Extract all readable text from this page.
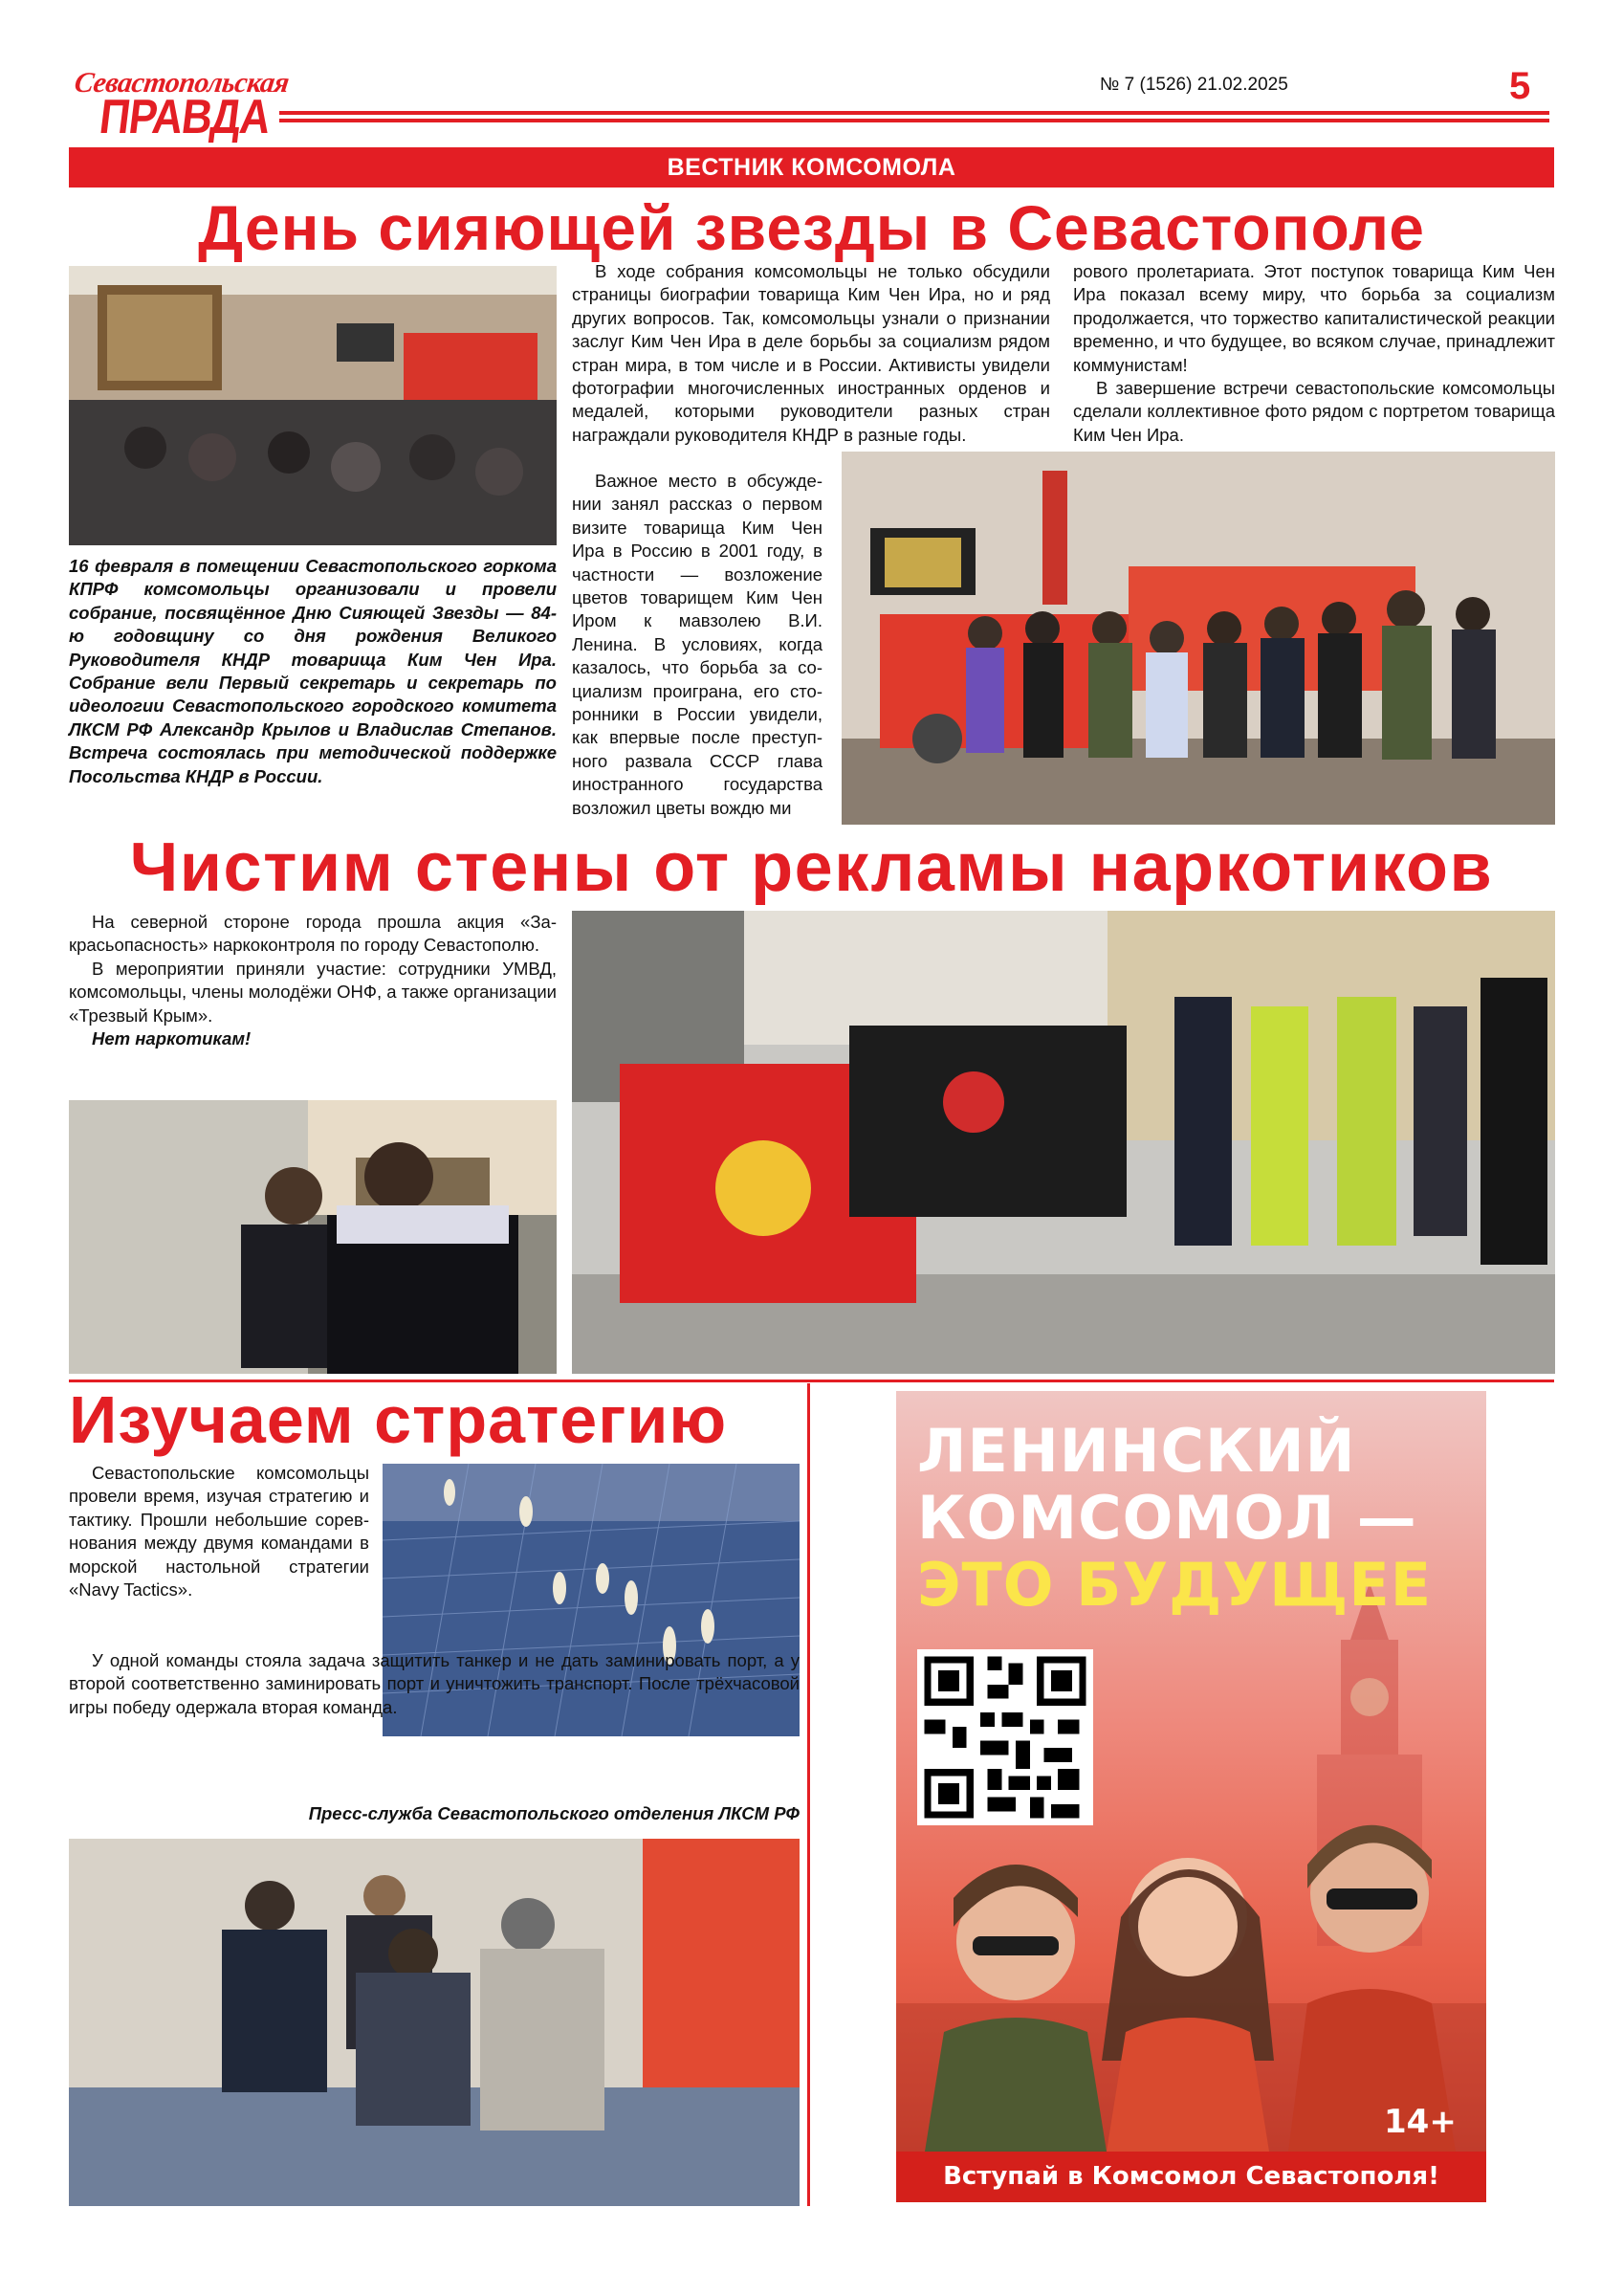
Севастопольская
ПРАВДА
№ 7 (1526) 21.02.2025	5
ВЕСТНИК КОМСОМОЛА
День сияющей звезды в Севастополе
16 февраля в помещении Севастопольского горкома КПРФ комсомольцы организовали и провели собрание, посвящённое Дню Сияющей Звезды — 84-ю годовщину со дня рождения Великого Руководителя КНДР товарища Ким Чен Ира. Собрание вели Первый секретарь и секретарь по идеологии Севастопольского городского комитета ЛКСМ РФ Александр Крылов и Владислав Степанов. Встреча состоялась при методической поддержке Посольства КНДР в России.

В ходе собрания комсомольцы не только обсудили страницы биографии товарища Ким Чен Ира, но и ряд других вопросов. Так, комсомольцы узнали о признании заслуг Ким Чен Ира в деле борьбы за социализм рядом стран мира, в том числе и в России. Активисты увидели фотографии многочисленных иностранных орденов и медалей, которыми руководители разных стран награждали руководителя КНДР в разные годы.

Важное место в обсуждении занял рассказ о первом визите товарища Ким Чен Ира в Россию в 2001 году, в частности — возложение цветов товарищем Ким Чен Иром к мавзолею В.И. Ленина. В условиях, когда казалось, что борьба за социализм проиграна, его сторонники в России увидели, как впервые после преступного развала СССР глава иностранного государства возложил цветы вождю ми

рового пролетариата. Этот поступок товарища Ким Чен Ира показал всему миру, что борьба за социализм продолжается, что торжество капиталистической реакции временно, и что будущее, во всяком случае, принадлежит коммунистам!

В завершение встречи севастопольские комсомольцы сделали коллективное фото рядом с портретом товарища Ким Чен Ира.

Чистим стены от рекламы наркотиков

На северной стороне города прошла акция «Закрасьопасность» наркоконтроля по городу Севастополю.

В мероприятии приняли участие: сотрудники УМВД, комсомольцы, члены молодёжи ОНФ, а также организации «Трезвый Крым».

Нет наркотикам!

Изучаем стратегию

Севастопольские комсомольцы провели время, изучая стратегию и тактику. Прошли небольшие соревнования между двумя командами в морской настольной стратегии «Navy Tactics».

У одной команды стояла задача защитить танкер и не дать заминировать порт, а у второй соответственно заминировать порт и уничтожить транспорт. После трёхчасовой игры победу одержала вторая команда.

Пресс-служба Севастопольского отделения ЛКСМ РФ
ЛЕНИНСКИЙ
КОМСОМОЛ —
ЭТО БУДУЩЕЕ
14+
Вступай в Комсомол Севастополя!
